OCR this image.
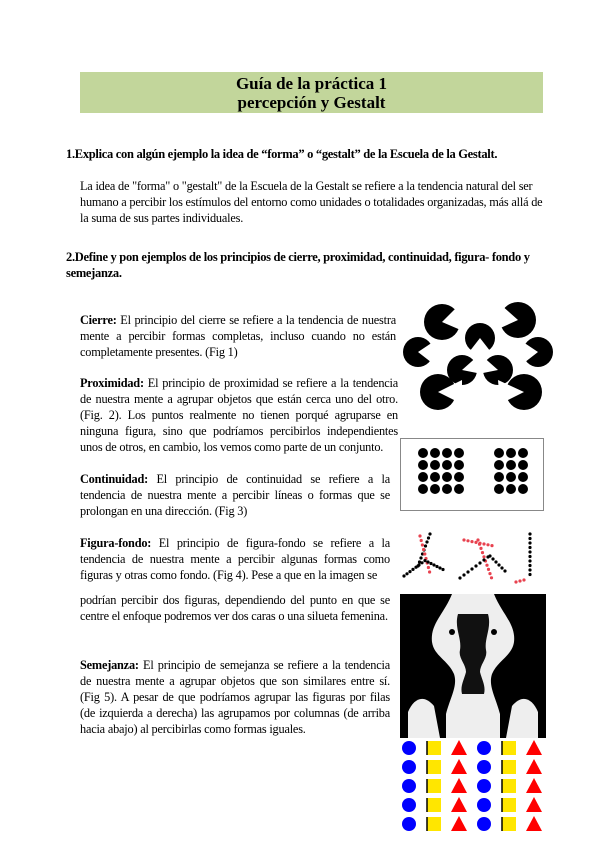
Guía de la práctica 1
percepción y Gestalt
1.Explica con algún ejemplo la idea de “forma” o “gestalt” de la Escuela de la Gestalt.
La idea de "forma" o "gestalt" de la Escuela de la Gestalt se refiere a la tendencia natural del ser humano a percibir los estímulos del entorno como unidades o totalidades organizadas, más allá de la suma de sus partes individuales.
2.Define y pon ejemplos de los principios de cierre, proximidad, continuidad, figura- fondo y semejanza.
Cierre: El principio del cierre se refiere a la tendencia de nuestra mente a percibir formas completas, incluso cuando no están completamente presentes. (Fig 1)
Proximidad: El principio de proximidad se refiere a la tendencia de nuestra mente a agrupar objetos que están cerca uno del otro. (Fig. 2). Los puntos realmente no tienen porqué agruparse en ninguna figura, sino que podríamos percibirlos independientes unos de otros, en cambio, los vemos como parte de un conjunto.
Continuidad: El principio de continuidad se refiere a la tendencia de nuestra mente a percibir líneas o formas que se prolongan en una dirección. (Fig 3)
Figura-fondo: El principio de figura-fondo se refiere a la tendencia de nuestra mente a percibir algunas formas como figuras y otras como fondo. (Fig 4). Pese a que en la imagen se
podrían percibir dos figuras, dependiendo del punto en que se centre el enfoque podremos ver dos caras o una silueta femenina.
Semejanza: El principio de semejanza se refiere a la tendencia de nuestra mente a agrupar objetos que son similares entre sí. (Fig 5). A pesar de que podríamos agrupar las figuras por filas (de izquierda a derecha) las agrupamos por columnas (de arriba hacia abajo) al percibirlas como formas iguales.
